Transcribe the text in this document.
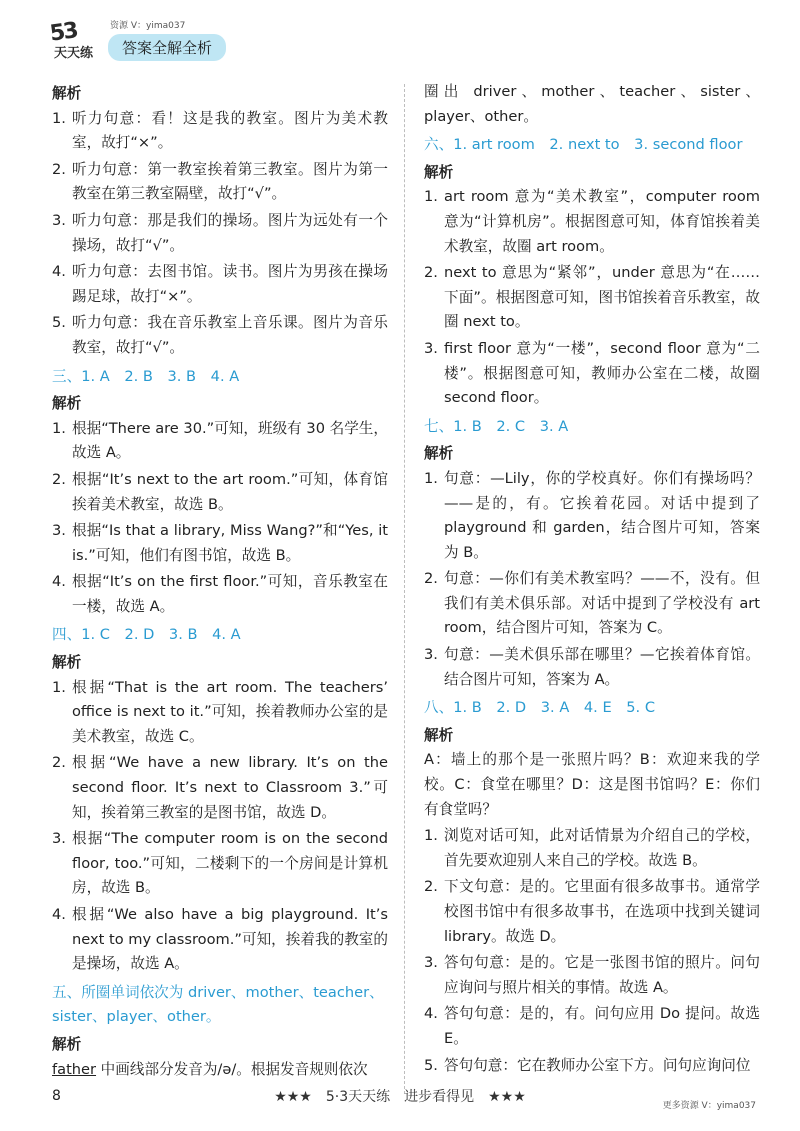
53
天天练
资源 V：yima037
答案全解全析
解析
1. 听力句意：看！这是我的教室。图片为美术教室，故打“×”。
2. 听力句意：第一教室挨着第三教室。图片为第一教室在第三教室隔壁，故打“√”。
3. 听力句意：那是我们的操场。图片为远处有一个操场，故打“√”。
4. 听力句意：去图书馆。读书。图片为男孩在操场踢足球，故打“×”。
5. 听力句意：我在音乐教室上音乐课。图片为音乐教室，故打“√”。
三、1. A　2. B　3. B　4. A
解析
1. 根据“There are 30.”可知，班级有 30 名学生，故选 A。
2. 根据“It’s next to the art room.”可知，体育馆挨着美术教室，故选 B。
3. 根据“Is that a library, Miss Wang?”和“Yes, it is.”可知，他们有图书馆，故选 B。
4. 根据“It’s on the first floor.”可知，音乐教室在一楼，故选 A。
四、1. C　2. D　3. B　4. A
解析
1. 根据“That is the art room. The teachers’ office is next to it.”可知，挨着教师办公室的是美术教室，故选 C。
2. 根据“We have a new library. It’s on the second floor. It’s next to Classroom 3.”可知，挨着第三教室的是图书馆，故选 D。
3. 根据“The computer room is on the second floor, too.”可知，二楼剩下的一个房间是计算机房，故选 B。
4. 根据“We also have a big playground. It’s next to my classroom.”可知，挨着我的教室的是操场，故选 A。
五、所圈单词依次为 driver、mother、teacher、sister、player、other。
解析
father 中画线部分发音为/ə/。根据发音规则依次
圈出 driver、mother、teacher、sister、player、other。
六、1. art room　2. next to　3. second floor
解析
1. art room 意为“美术教室”，computer room 意为“计算机房”。根据图意可知，体育馆挨着美术教室，故圈 art room。
2. next to 意思为“紧邻”，under 意思为“在……下面”。根据图意可知，图书馆挨着音乐教室，故圈 next to。
3. first floor 意为“一楼”，second floor 意为“二楼”。根据图意可知，教师办公室在二楼，故圈 second floor。
七、1. B　2. C　3. A
解析
1. 句意：—Lily，你的学校真好。你们有操场吗？——是的，有。它挨着花园。对话中提到了 playground 和 garden，结合图片可知，答案为 B。
2. 句意：—你们有美术教室吗？——不，没有。但我们有美术俱乐部。对话中提到了学校没有 art room，结合图片可知，答案为 C。
3. 句意：—美术俱乐部在哪里？—它挨着体育馆。结合图片可知，答案为 A。
八、1. B　2. D　3. A　4. E　5. C
解析
A：墙上的那个是一张照片吗？B：欢迎来我的学校。C：食堂在哪里？D：这是图书馆吗？E：你们有食堂吗？
1. 浏览对话可知，此对话情景为介绍自己的学校，首先要欢迎别人来自己的学校。故选 B。
2. 下文句意：是的。它里面有很多故事书。通常学校图书馆中有很多故事书，在选项中找到关键词 library。故选 D。
3. 答句句意：是的。它是一张图书馆的照片。问句应询问与照片相关的事情。故选 A。
4. 答句句意：是的，有。问句应用 Do 提问。故选 E。
5. 答句句意：它在教师办公室下方。问句应询问位
8	★★★　5·3天天练　进步看得见　★★★
更多资源 V：yima037
